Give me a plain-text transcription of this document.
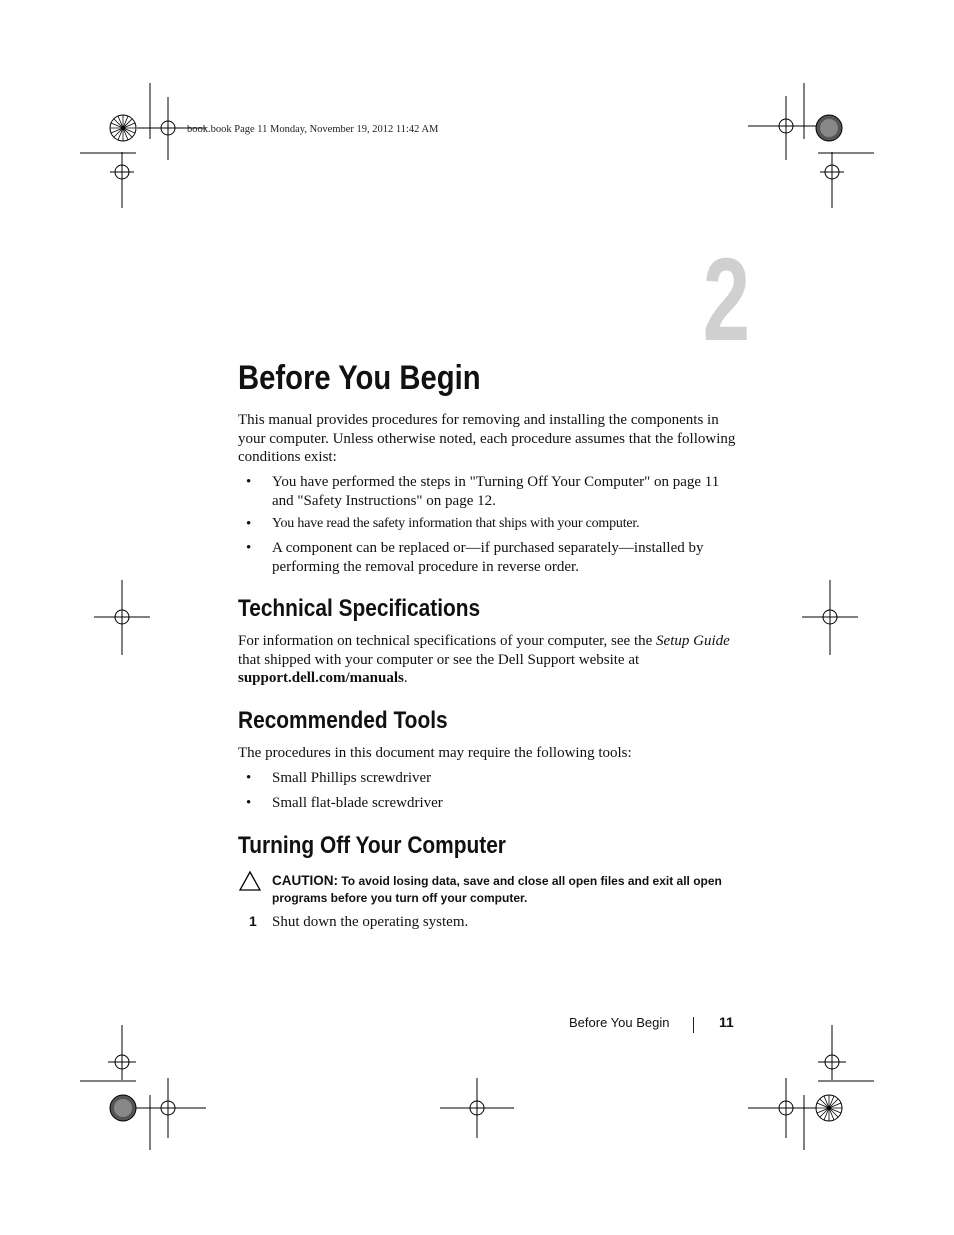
book.book Page 11 Monday, November 19, 2012 11:42 AM
2
Before You Begin
This manual provides procedures for removing and installing the components in your computer. Unless otherwise noted, each procedure assumes that the following conditions exist:
• You have performed the steps in "Turning Off Your Computer" on page 11 and "Safety Instructions" on page 12.
• You have read the safety information that ships with your computer.
• A component can be replaced or—if purchased separately—installed by performing the removal procedure in reverse order.
Technical Specifications
For information on technical specifications of your computer, see the Setup Guide that shipped with your computer or see the Dell Support website at support.dell.com/manuals.
Recommended Tools
The procedures in this document may require the following tools:
• Small Phillips screwdriver
• Small flat-blade screwdriver
Turning Off Your Computer
CAUTION: To avoid losing data, save and close all open files and exit all open programs before you turn off your computer.
1 Shut down the operating system.
Before You Begin	11
